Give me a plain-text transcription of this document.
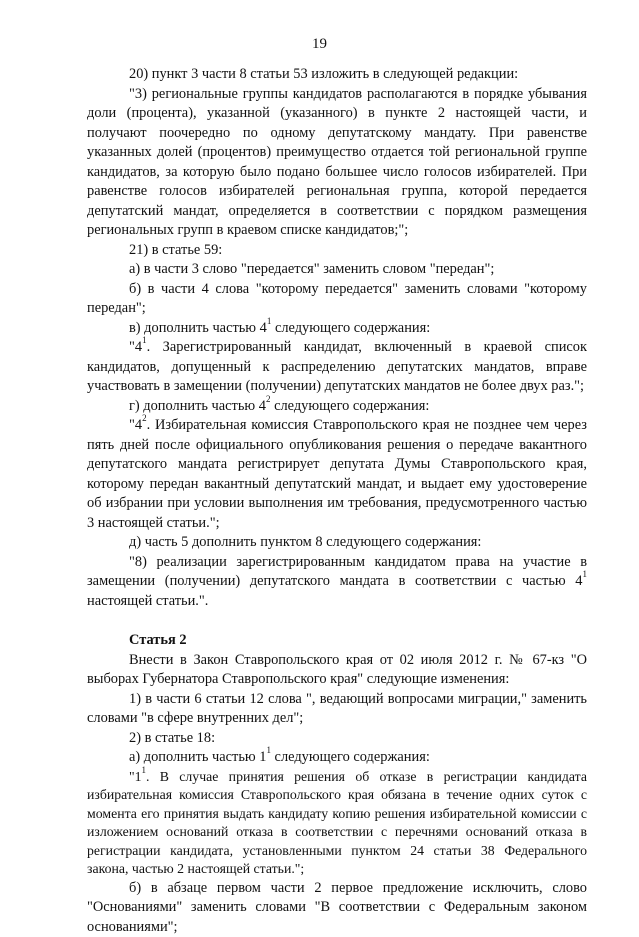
19

20) пункт 3 части 8 статьи 53 изложить в следующей редакции:

"3) региональные группы кандидатов располагаются в порядке убывания доли (процента), указанной (указанного) в пункте 2 настоящей части, и получают поочередно по одному депутатскому мандату. При равенстве указанных долей (процентов) преимущество отдается той региональной группе кандидатов, за которую было подано большее число голосов избирателей. При равенстве голосов избирателей региональная группа, которой передается депутатский мандат, определяется в соответствии с порядком размещения региональных групп в краевом списке кандидатов;";

21) в статье 59:

а) в части 3 слово "передается" заменить словом "передан";

б) в части 4 слова "которому передается" заменить словами "которому передан";

в) дополнить частью $4^1$ следующего содержания:

"$4^1$. Зарегистрированный кандидат, включенный в краевой список кандидатов, допущенный к распределению депутатских мандатов, вправе участвовать в замещении (получении) депутатских мандатов не более двух раз.";

г) дополнить частью $4^2$ следующего содержания:

"$4^2$. Избирательная комиссия Ставропольского края не позднее чем через пять дней после официального опубликования решения о передаче вакантного депутатского мандата регистрирует депутата Думы Ставропольского края, которому передан вакантный депутатский мандат, и выдает ему удостоверение об избрании при условии выполнения им требования, предусмотренного частью 3 настоящей статьи.";

д) часть 5 дополнить пунктом 8 следующего содержания:

"8) реализации зарегистрированным кандидатом права на участие в замещении (получении) депутатского мандата в соответствии с частью $4^1$ настоящей статьи.".

Статья 2

Внести в Закон Ставропольского края от 02 июля 2012 г. № 67-кз "О выборах Губернатора Ставропольского края" следующие изменения:

1) в части 6 статьи 12 слова ", ведающий вопросами миграции," заменить словами "в сфере внутренних дел";

2) в статье 18:

а) дополнить частью $1^1$ следующего содержания:

"$1^1$. В случае принятия решения об отказе в регистрации кандидата избирательная комиссия Ставропольского края обязана в течение одних суток с момента его принятия выдать кандидату копию решения избирательной комиссии с изложением оснований отказа в соответствии с перечнями оснований отказа в регистрации кандидата, установленными пунктом 24 статьи 38 Федерального закона, частью 2 настоящей статьи.";

б) в абзаце первом части 2 первое предложение исключить, слово "Основаниями" заменить словами "В соответствии с Федеральным законом основаниями";
